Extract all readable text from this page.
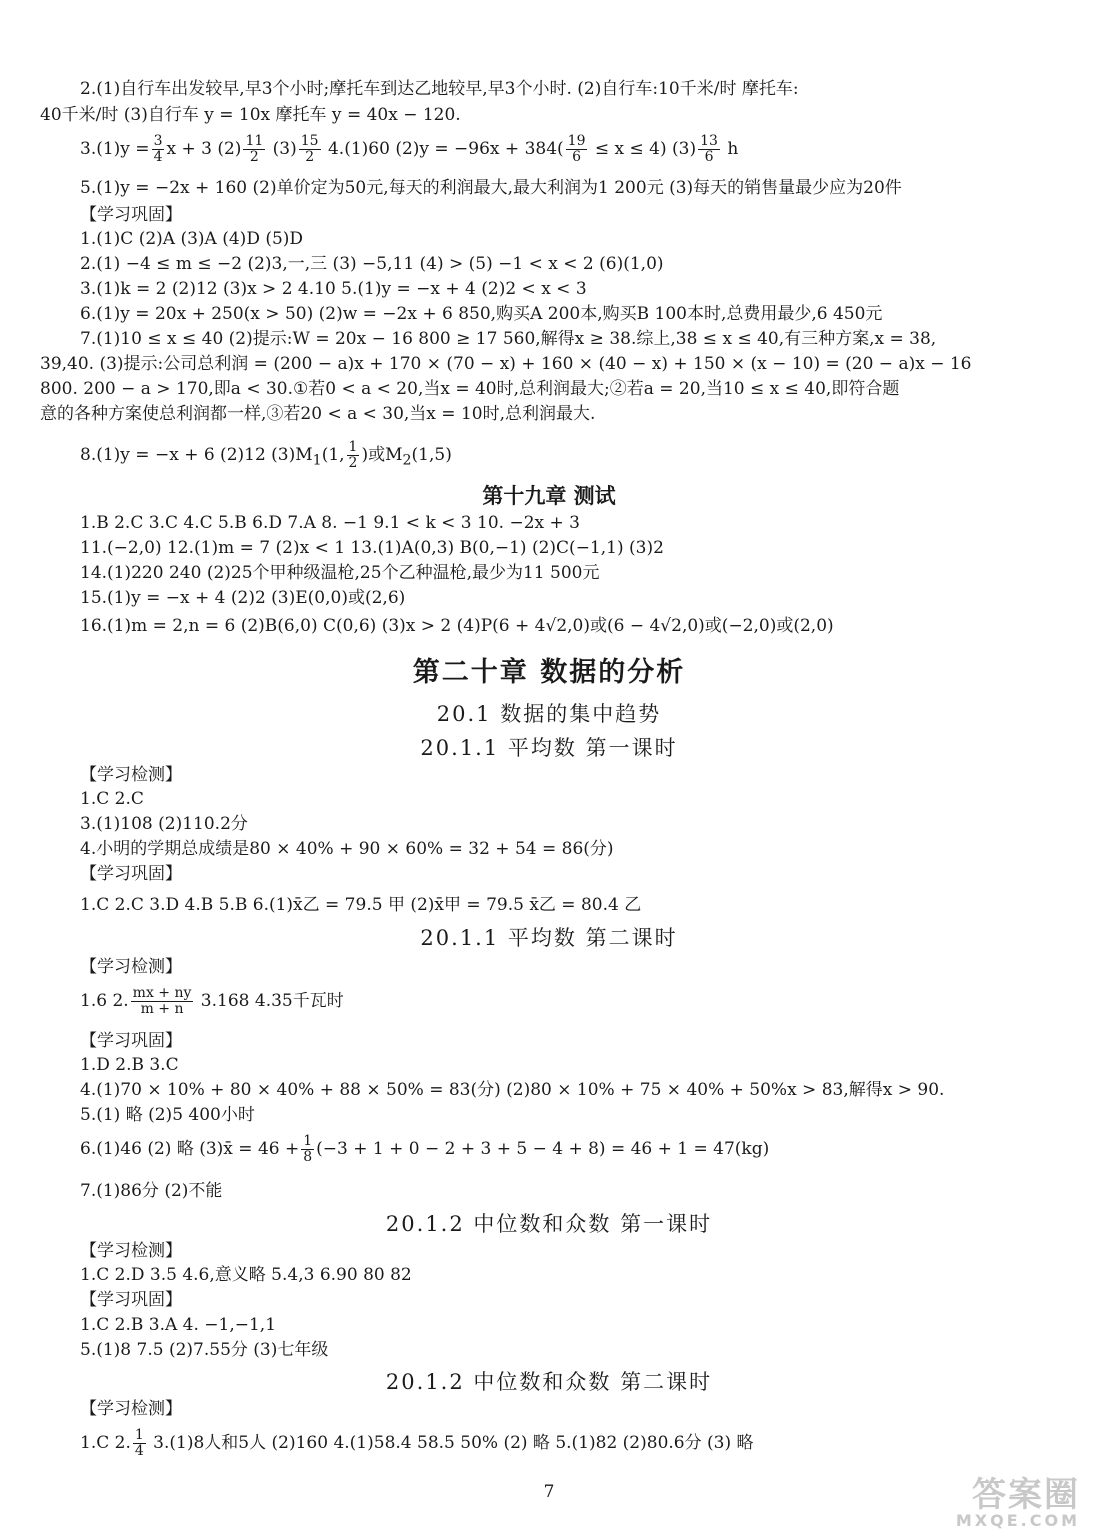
2.(1)自行车出发较早,早3个小时;摩托车到达乙地较早,早3个小时. (2)自行车:10千米/时 摩托车:
40千米/时 (3)自行车 y = 10x 摩托车 y = 40x − 120.
$3.(1)y = \frac{3}{4}$ x + 3 $(2) \frac{11}{2} (3) \frac{15}{2} 4.(1)60$ $(2)y = -96x + 384( \frac{19}{6} \le x \le 4)$ $(3) \frac{13}{6}$ h
5.(1)y = −2x + 160 (2)单价定为50元,每天的利润最大,最大利润为1 200元 (3)每天的销售量最少应为20件
【学习巩固】
1.(1)C (2)A (3)A (4)D (5)D
2.(1) −4 ≤ m ≤ −2 (2)3,一,三 (3) −5,11 (4) > (5) −1 < x < 2 (6)(1,0)
3.(1)k = 2 (2)12 (3)x > 2 4.10 5.(1)y = −x + 4 (2)2 < x < 3
6.(1)y = 20x + 250(x > 50) (2)w = −2x + 6 850,购买A 200本,购买B 100本时,总费用最少,6 450元
7.(1)10 ≤ x ≤ 40 (2)提示:W = 20x − 16 800 ≥ 17 560,解得x ≥ 38.综上,38 ≤ x ≤ 40,有三种方案,x = 38,
39,40. (3)提示:公司总利润 = (200 − a)x + 170 × (70 − x) + 160 × (40 − x) + 150 × (x − 10) = (20 − a)x − 16
800. 200 − a > 170,即a < 30.①若0 < a < 20,当x = 40时,总利润最大;②若a = 20,当10 ≤ x ≤ 40,即符合题
意的各种方案使总利润都一样,③若20 < a < 30,当x = 10时,总利润最大.
8.(1)y = −x + 6 (2)12 $(3)M_1(1$, $\frac{1}{2}$ )或$M_2(1,5)$
第十九章 测试
1.B 2.C 3.C 4.C 5.B 6.D 7.A 8. −1 9.1 < k < 3 10. −2x + 3
11.(−2,0) 12.(1)m = 7 (2)x < 1 13.(1)A(0,3) B(0,−1) (2)C(−1,1) (3)2
14.(1)220 240 (2)25个甲种级温枪,25个乙种温枪,最少为11 500元
15.(1)y = −x + 4 (2)2 (3)E(0,0)或(2,6)
16.(1)m = 2,n = 6 (2)B(6,0) C(0,6) (3)x > 2 (4)P(6 + 4√2,0)或(6 − 4√2,0)或(−2,0)或(2,0)
第二十章 数据的分析
20.1 数据的集中趋势
20.1.1 平均数 第一课时
【学习检测】
1.C 2.C
3.(1)108 (2)110.2分
4.小明的学期总成绩是80 × 40% + 90 × 60% = 32 + 54 = 86(分)
【学习巩固】
1.C 2.C 3.D 4.B 5.B 6.(1)x̄乙 = 79.5 甲 (2)x̄甲 = 79.5 x̄乙 = 80.4 乙
20.1.1 平均数 第二课时
【学习检测】
1.6 2. $\frac{mx + ny}{m + n} 3.168$ 4.35千瓦时
【学习巩固】
1.D 2.B 3.C
4.(1)70 × 10% + 80 × 40% + 88 × 50% = 83(分) (2)80 × 10% + 75 × 40% + 50%x > 83,解得x > 90.
5.(1) 略 (2)5 400小时
6.(1)46 (2) 略 (3)x̄ = $46 + \frac{1}{8} (-3 + 1 + 0 - 2 + 3 + 5 - 4 + 8) = 46 + 1 = 47(kg)$
7.(1)86分 (2)不能
20.1.2 中位数和众数 第一课时
【学习检测】
1.C 2.D 3.5 4.6,意义略 5.4,3 6.90 80 82
【学习巩固】
1.C 2.B 3.A 4. −1,−1,1
5.(1)8 7.5 (2)7.55分 (3)七年级
20.1.2 中位数和众数 第二课时
【学习检测】
1.C 2. $\frac{1}{4} 3.(1)8$人和5人 (2)160 4.(1)58.4 58.5 50% (2) 略 5.(1)82 (2)80.6分 (3) 略
7	答案圈
MXQE.COM
